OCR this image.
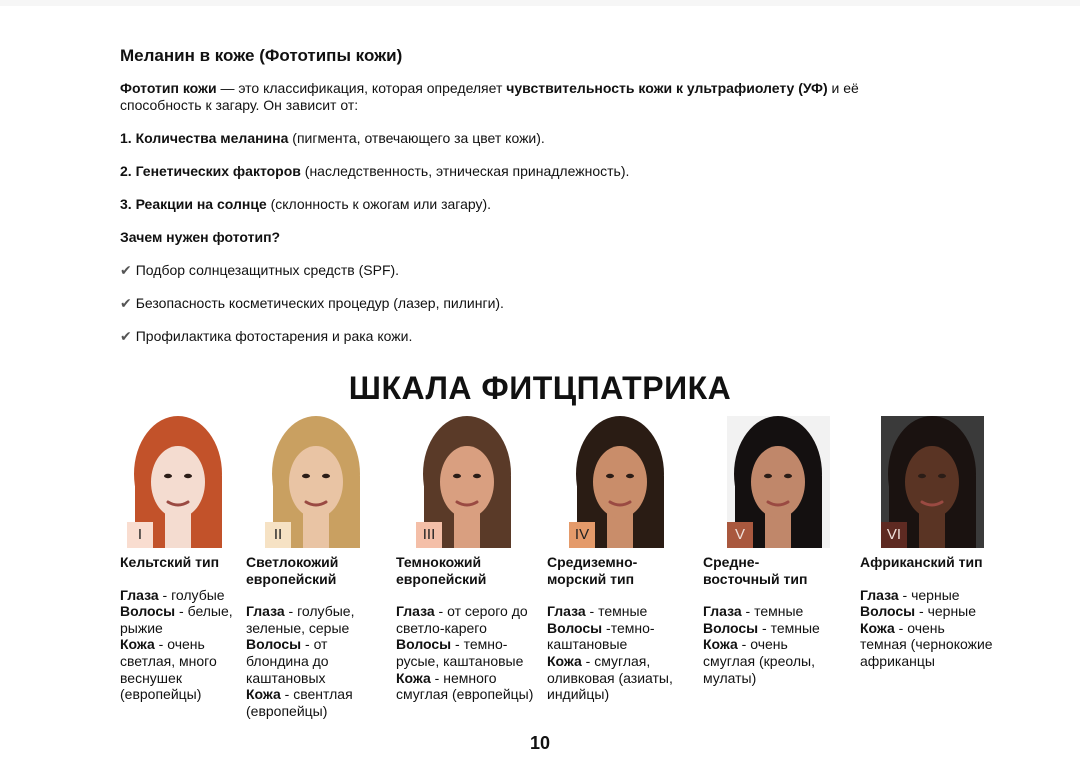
Меланин в коже (Фототипы кожи)
Фототип кожи — это классификация, которая определяет чувствительность кожи к ультрафиолету (УФ) и её способность к загару. Он зависит от:
1. Количества меланина (пигмента, отвечающего за цвет кожи).
2. Генетических факторов (наследственность, этническая принадлежность).
3. Реакции на солнце (склонность к ожогам или загару).
Зачем нужен фототип?
✔ Подбор солнцезащитных средств (SPF).
✔ Безопасность косметических процедур (лазер, пилинги).
✔ Профилактика фотостарения и рака кожи.
ШКАЛА ФИТЦПАТРИКА
I
Кельтский тип
Глаза - голубые
Волосы - белые, рыжие
Кожа - очень светлая, много веснушек (европейцы)
II
Светлокожий
европейский
Глаза - голубые, зеленые, серые
Волосы - от блондина до каштановых
Кожа - свентлая (европейцы)
III
Темнокожий
европейский
Глаза - от серого до светло-карего
Волосы - темно-русые, каштановые
Кожа - немного смуглая (европейцы)
IV
Средиземно-
морский тип
Глаза - темные
Волосы -темно-каштановые
Кожа - смуглая, оливковая (азиаты, индийцы)
V
Средне-
восточный тип
Глаза - темные
Волосы - темные
Кожа - очень смуглая (креолы, мулаты)
VI
Африканский тип
Глаза - черные
Волосы - черные
Кожа - очень темная (чернокожие африканцы
10
